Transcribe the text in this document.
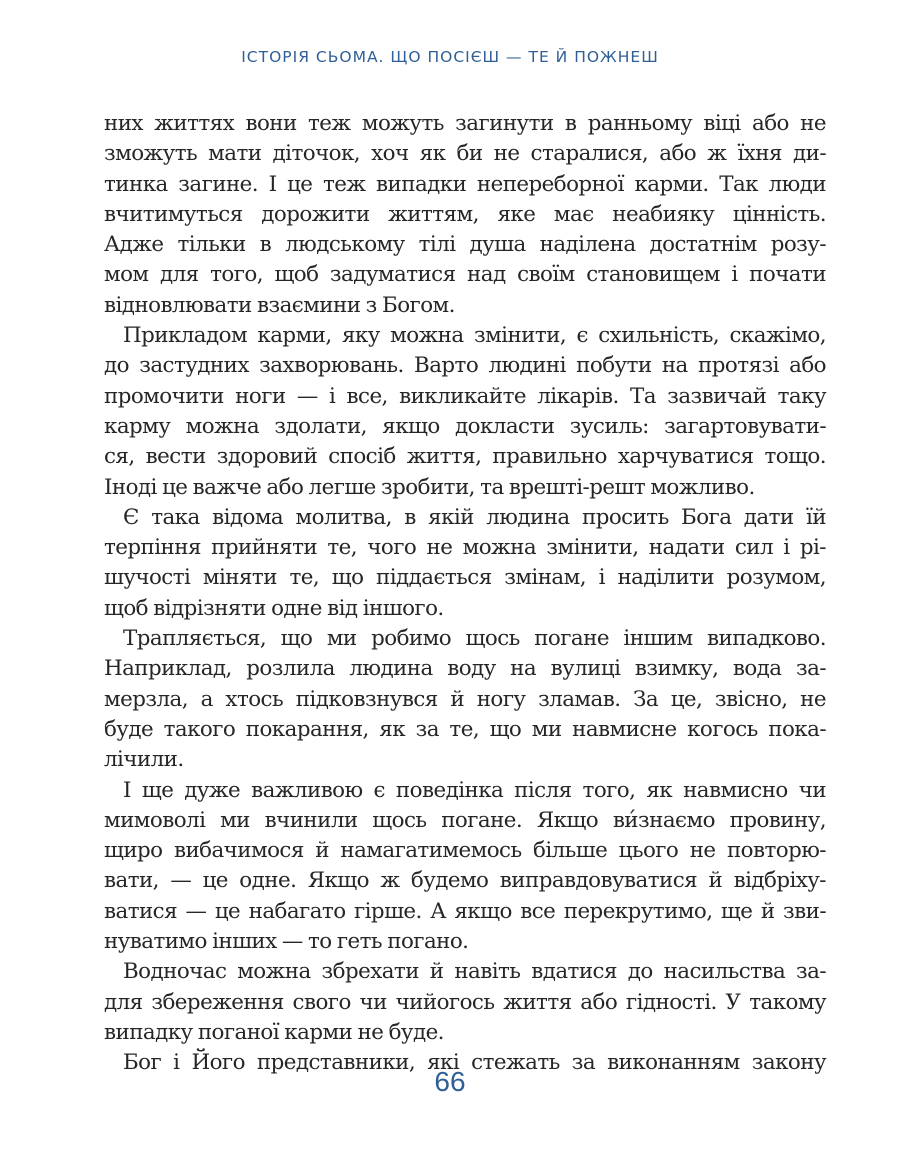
ІСТОРІЯ СЬОМА. ЩО ПОСІЄШ — ТЕ Й ПОЖНЕШ
них життях вони теж можуть загинути в ранньому віці або не
зможуть мати діточок, хоч як би не старалися, або ж їхня ди-
тинка загине. І це теж випадки непереборної карми. Так люди
вчитимуться дорожити життям, яке має неабияку цінність.
Адже тільки в людському тілі душа наділена достатнім розу-
мом для того, щоб задуматися над своїм становищем і почати
відновлювати взаємини з Богом.
Прикладом карми, яку можна змінити, є схильність, скажімо,
до застудних захворювань. Варто людині побути на протязі або
промочити ноги — і все, викликайте лікарів. Та зазвичай таку
карму можна здолати, якщо докласти зусиль: загартовувати-
ся, вести здоровий спосіб життя, правильно харчуватися тощо.
Іноді це важче або легше зробити, та врешті-решт можливо.
Є така відома молитва, в якій людина просить Бога дати їй
терпіння прийняти те, чого не можна змінити, надати сил і рі-
шучості міняти те, що піддається змінам, і наділити розумом,
щоб відрізняти одне від іншого.
Трапляється, що ми робимо щось погане іншим випадково.
Наприклад, розлила людина воду на вулиці взимку, вода за-
мерзла, а хтось підковзнувся й ногу зламав. За це, звісно, не
буде такого покарання, як за те, що ми навмисне когось пока-
лічили.
І ще дуже важливою є поведінка після того, як навмисно чи
мимоволі ми вчинили щось погане. Якщо ви́знаємо провину,
щиро вибачимося й намагатимемось більше цього не повторю-
вати, — це одне. Якщо ж будемо виправдовуватися й відбріху-
ватися — це набагато гірше. А якщо все перекрутимо, ще й зви-
нуватимо інших — то геть погано.
Водночас можна збрехати й навіть вдатися до насильства за-
для збереження свого чи чийогось життя або гідності. У такому
випадку поганої карми не буде.
Бог і Його представники, які стежать за виконанням закону
66
